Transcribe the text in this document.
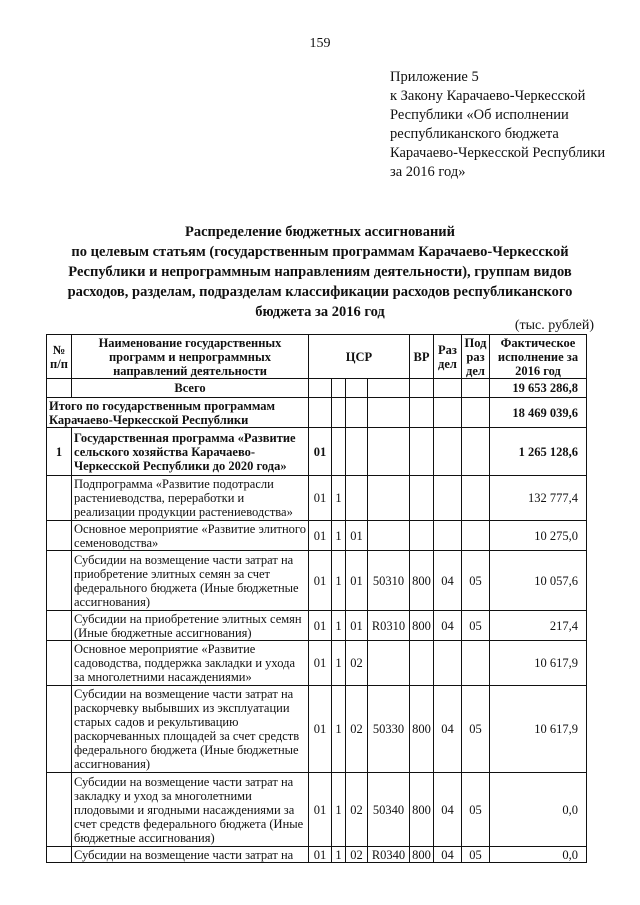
159
Приложение 5
к Закону Карачаево-Черкесской
Республики «Об исполнении
республиканского бюджета
Карачаево-Черкесской Республики
за 2016 год»
Распределение бюджетных ассигнований
по целевым статьям (государственным программам Карачаево-Черкесской
Республики и непрограммным направлениям деятельности), группам видов
расходов, разделам, подразделам классификации расходов республиканского
бюджета за 2016 год
(тыс. рублей)
№ п/п	Наименование государственных программ и непрограммных направлений деятельности	ЦСР				ВР	Раз дел	Под раз дел	Фактическое исполнение за 2016 год
	Всего								19 653 286,8
Итого по государственным программам Карачаево-Черкесской Республики									18 469 039,6
1	Государственная программа «Развитие сельского хозяйства Карачаево-Черкесской Республики до 2020 года»	01							1 265 128,6
	Подпрограмма «Развитие подотрасли растениеводства, переработки и реализации продукции растениеводства»	01	1						132 777,4
	Основное мероприятие «Развитие элитного семеноводства»	01	1	01					10 275,0
	Субсидии на возмещение части затрат на приобретение элитных семян за счет федерального бюджета (Иные бюджетные ассигнования)	01	1	01	50310	800	04	05	10 057,6
	Субсидии на приобретение элитных семян (Иные бюджетные ассигнования)	01	1	01	R0310	800	04	05	217,4
	Основное мероприятие «Развитие садоводства, поддержка закладки и ухода за многолетними насаждениями»	01	1	02					10 617,9
	Субсидии на возмещение части затрат на раскорчевку выбывших из эксплуатации старых садов и рекультивацию раскорчеванных площадей за счет средств федерального бюджета (Иные бюджетные ассигнования)	01	1	02	50330	800	04	05	10 617,9
	Субсидии на возмещение части затрат на закладку и уход за многолетними плодовыми и ягодными насаждениями за счет средств федерального бюджета (Иные бюджетные ассигнования)	01	1	02	50340	800	04	05	0,0
	Субсидии на возмещение части затрат на	01	1	02	R0340	800	04	05	0,0
